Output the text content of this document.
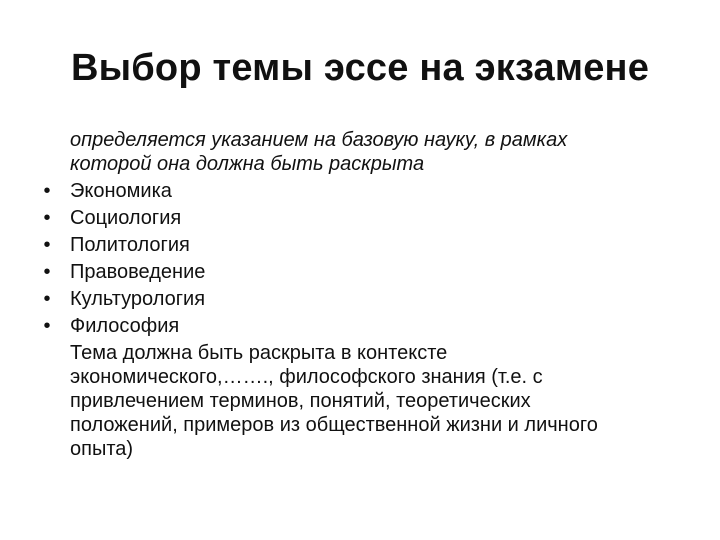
Выбор темы эссе на экзамене

определяется указанием на базовую науку, в рамках
которой она должна быть раскрыта

• Экономика

• Социология

• Политология

• Правоведение

• Культурология

• Философия

Тема должна быть раскрыта в контексте
экономического,……., философского знания (т.е. с
привлечением терминов, понятий, теоретических
положений, примеров из общественной жизни и личного
опыта)
